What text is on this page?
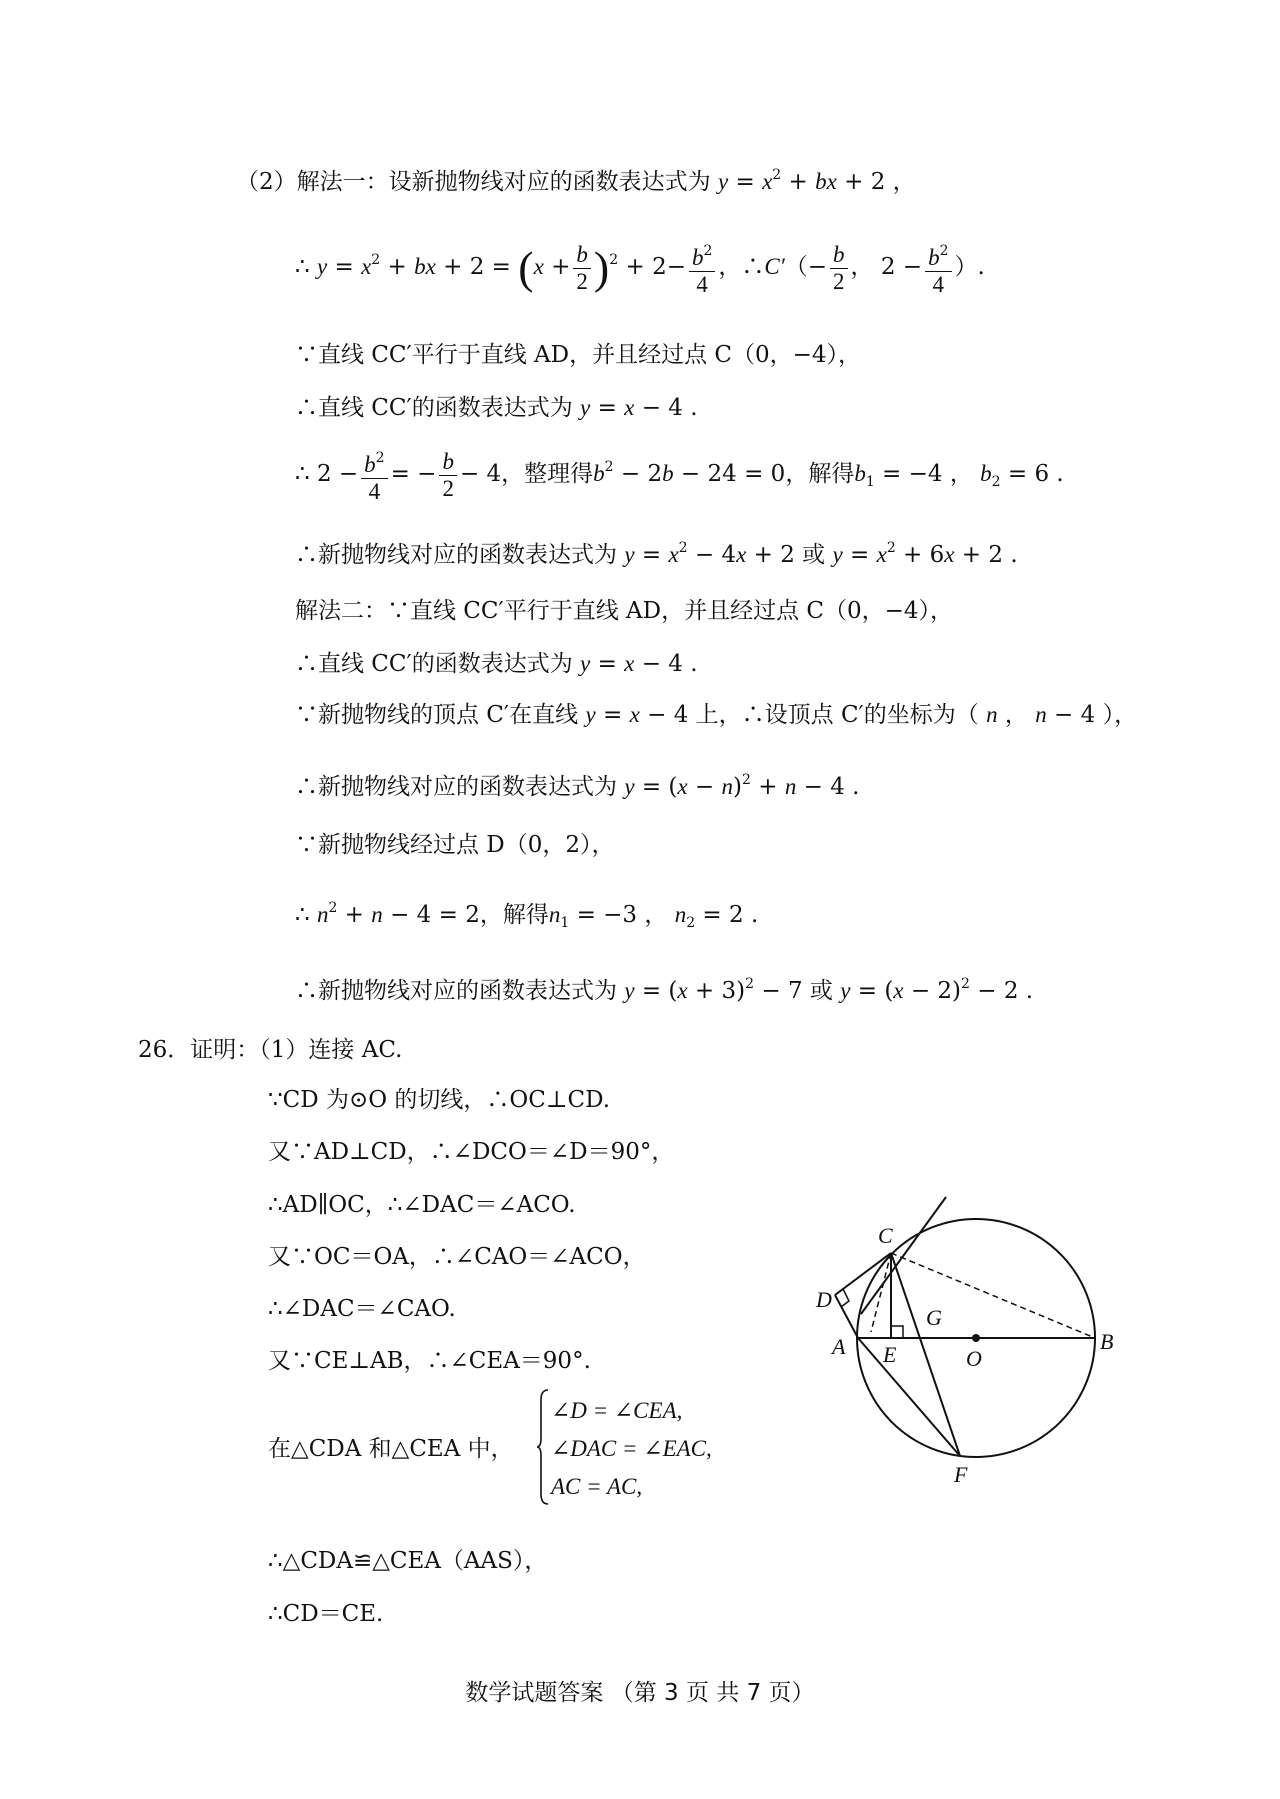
（2）解法一：设新抛物线对应的函数表达式为 $y = x^2$ + bx + 2 ，
∴ $y = x^2$ + bx + $2 = (x + \frac{b}{2} )^2 + 2- \frac{b^2}{4}$ ，∴C′（− $\frac{b}{2}$ ， $2 - \frac{b^2}{4}$ ）.
∵直线 CC′平行于直线 AD，并且经过点 C（0，−4），
∴直线 CC′的函数表达式为 y = x − 4 .
∴ $2 - \frac{b^2}{4}$ = − $\frac{b}{2} - 4$，整理得$b^2 - 2b - 24 = 0$，解得$b_1 = -4$ ， $b_2 = 6$ .
∴新抛物线对应的函数表达式为 $y = x^2 - 4x + 2$ 或 $y = x^2 + 6x + 2$ .
解法二：∵直线 CC′平行于直线 AD，并且经过点 C（0，−4），
∴直线 CC′的函数表达式为 y = x − 4 .
∵新抛物线的顶点 C′在直线 y = x − 4 上，∴设顶点 C′的坐标为（ n ， n − 4 ），
∴新抛物线对应的函数表达式为 $y = (x - n)^2 + n - 4$ .
∵新抛物线经过点 D（0，2），
∴ $n^2 + n - 4 = 2$，解得$n_1 = -3$ ， $n_2 = 2$ .
∴新抛物线对应的函数表达式为 $y = (x + 3)^2 - 7$ 或 $y = (x - 2)^2 - 2$ .
26．证明：（1）连接 AC.
∵CD 为⊙O 的切线，∴OC⊥CD.
又∵AD⊥CD，∴∠DCO＝∠D＝90°，
∴AD∥OC，∴∠DAC＝∠ACO.
又∵OC＝OA，∴∠CAO＝∠ACO，
∴∠DAC＝∠CAO.
又∵CE⊥AB，∴∠CEA＝90°.
在△CDA 和△CEA 中，
∠D = ∠CEA,
∠DAC = ∠EAC,
AC = AC,
∴△CDA≌△CEA（AAS），
∴CD＝CE.
C
D
A E
G
O
B
F
数学试题答案 （第 3 页 共 7 页）
